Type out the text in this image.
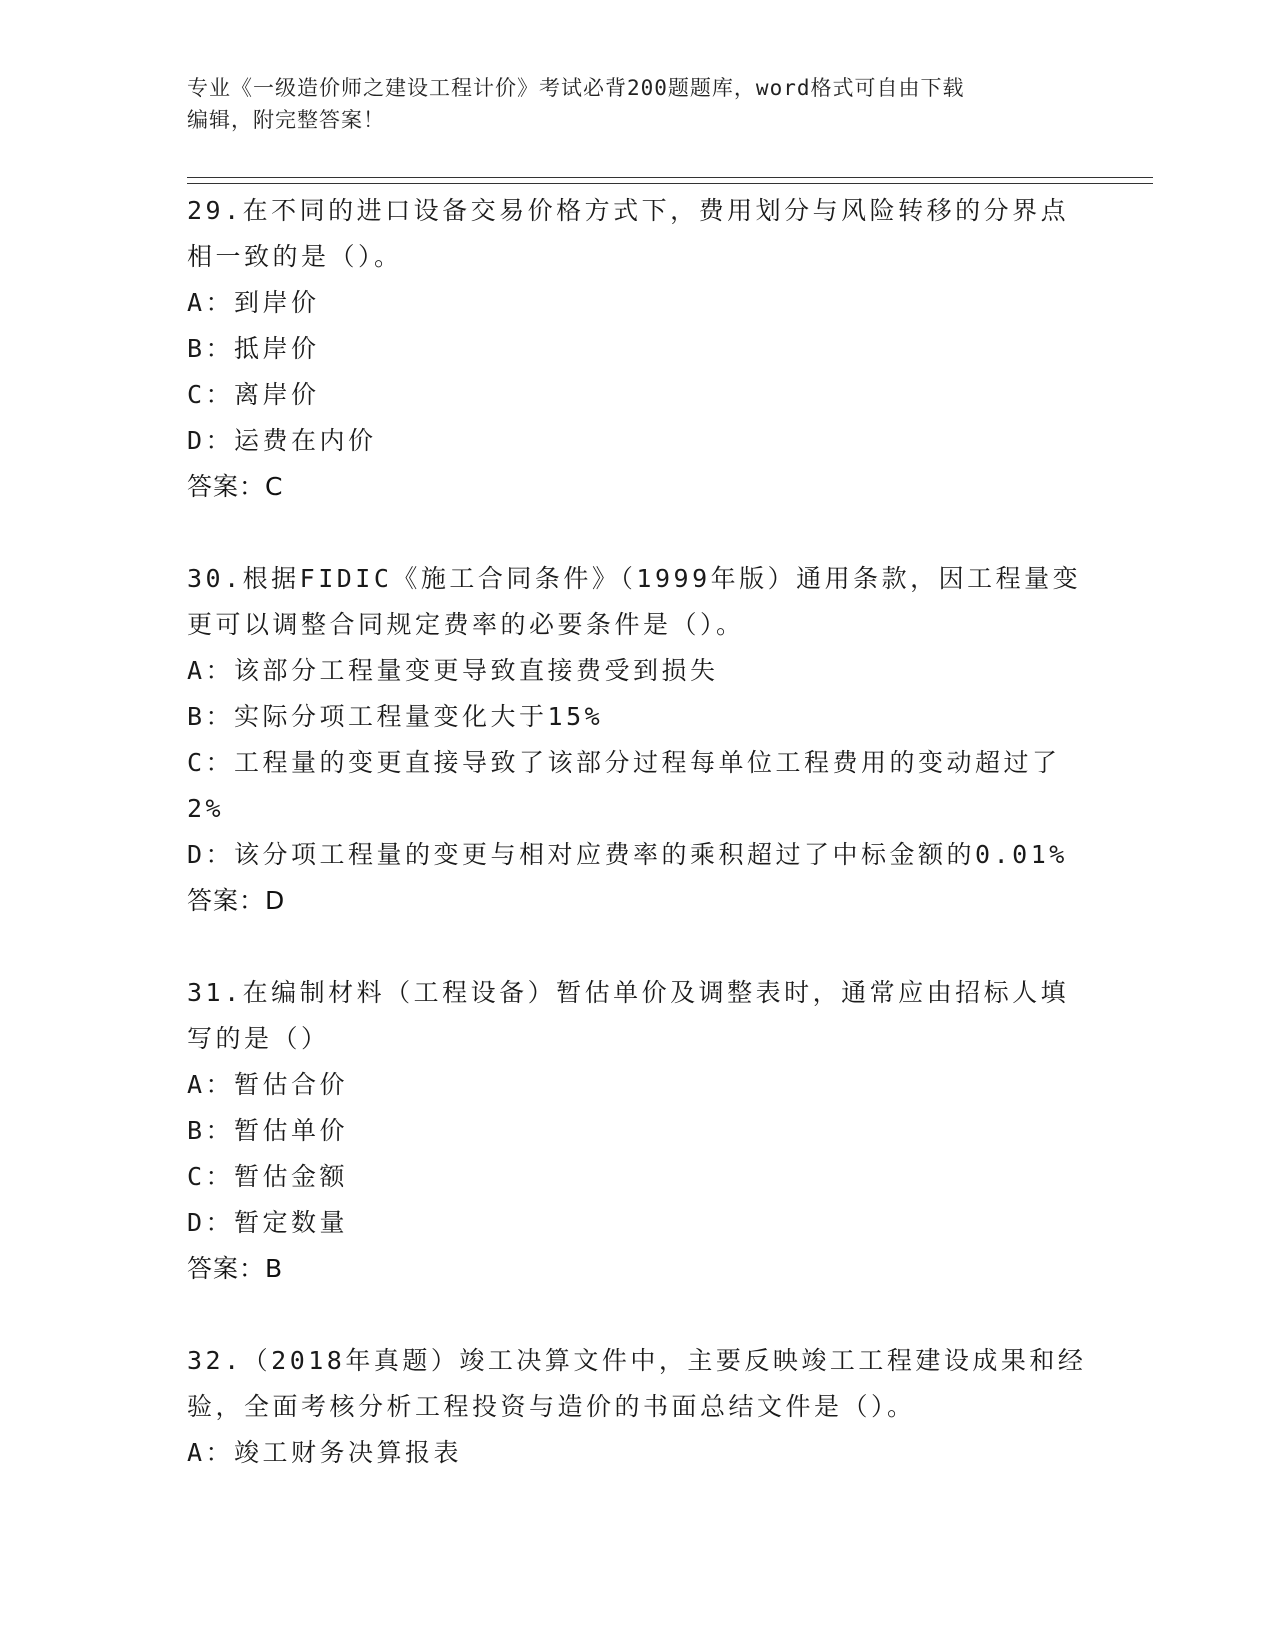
专业《一级造价师之建设工程计价》考试必背200题题库，word格式可自由下载
编辑，附完整答案！
29.在不同的进口设备交易价格方式下，费用划分与风险转移的分界点
相一致的是（）。
A：到岸价
B：抵岸价
C：离岸价
D：运费在内价
答案：C
30.根据FIDIC《施工合同条件》（1999年版）通用条款，因工程量变
更可以调整合同规定费率的必要条件是（）。
A：该部分工程量变更导致直接费受到损失
B：实际分项工程量变化大于15%
C：工程量的变更直接导致了该部分过程每单位工程费用的变动超过了
2%
D：该分项工程量的变更与相对应费率的乘积超过了中标金额的0.01%
答案：D
31.在编制材料（工程设备）暂估单价及调整表时，通常应由招标人填
写的是（）
A：暂估合价
B：暂估单价
C：暂估金额
D：暂定数量
答案：B
32.（2018年真题）竣工决算文件中，主要反映竣工工程建设成果和经
验，全面考核分析工程投资与造价的书面总结文件是（）。
A：竣工财务决算报表
